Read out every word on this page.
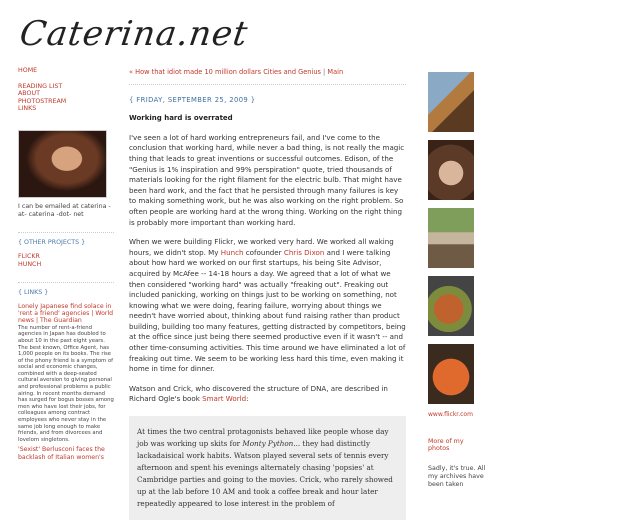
Caterina.net
HOME
READING LIST
ABOUT
PHOTOSTREAM
LINKS
I can be emailed at caterina -at- caterina -dot- net
{ OTHER PROJECTS }
FLICKR
HUNCH
{ LINKS }
Lonely Japanese find solace in 'rent a friend' agencies | World news | The Guardian
The number of rent-a-friend agencies in Japan has doubled to about 10 in the past eight years. The best known, Office Agent, has 1,000 people on its books. The rise of the phony friend is a symptom of social and economic changes, combined with a deep-seated cultural aversion to giving personal and professional problems a public airing. In recent months demand has surged for bogus bosses among men who have lost their jobs, for colleagues among contract employees who never stay in the same job long enough to make friends, and from divorcees and lovelorn singletons.
'Sexist' Berlusconi faces the backlash of Italian women's
« How that idiot made 10 million dollars Cities and Genius | Main
{ FRIDAY, SEPTEMBER 25, 2009 }
Working hard is overrated

I've seen a lot of hard working entrepreneurs fail, and I've come to the conclusion that working hard, while never a bad thing, is not really the magic thing that leads to great inventions or successful outcomes. Edison, of the "Genius is 1% inspiration and 99% perspiration" quote, tried thousands of materials looking for the right filament for the electric bulb. That might have been hard work, and the fact that he persisted through many failures is key to making something work, but he was also working on the right problem. So often people are working hard at the wrong thing. Working on the right thing is probably more important than working hard.

When we were building Flickr, we worked very hard. We worked all waking hours, we didn't stop. My Hunch cofounder Chris Dixon and I were talking about how hard we worked on our first startups, his being Site Advisor, acquired by McAfee -- 14-18 hours a day. We agreed that a lot of what we then considered "working hard" was actually "freaking out". Freaking out included panicking, working on things just to be working on something, not knowing what we were doing, fearing failure, worrying about things we needn't have worried about, thinking about fund raising rather than product building, building too many features, getting distracted by competitors, being at the office since just being there seemed productive even if it wasn't -- and other time-consuming activities. This time around we have eliminated a lot of freaking out time. We seem to be working less hard this time, even making it home in time for dinner.

Watson and Crick, who discovered the structure of DNA, are described in Richard Ogle's book Smart World:

At times the two central protagonists behaved like people whose day job was working up skits for Monty Python... they had distinctly lackadaisical work habits. Watson played several sets of tennis every afternoon and spent his evenings alternately chasing 'popsies' at Cambridge parties and going to the movies. Crick, who rarely showed up at the lab before 10 AM and took a coffee break and hour later repeatedly appeared to lose interest in the problem of
www.flickr.com
More of my photos
Sadly, it's true. All my archives have been taken
